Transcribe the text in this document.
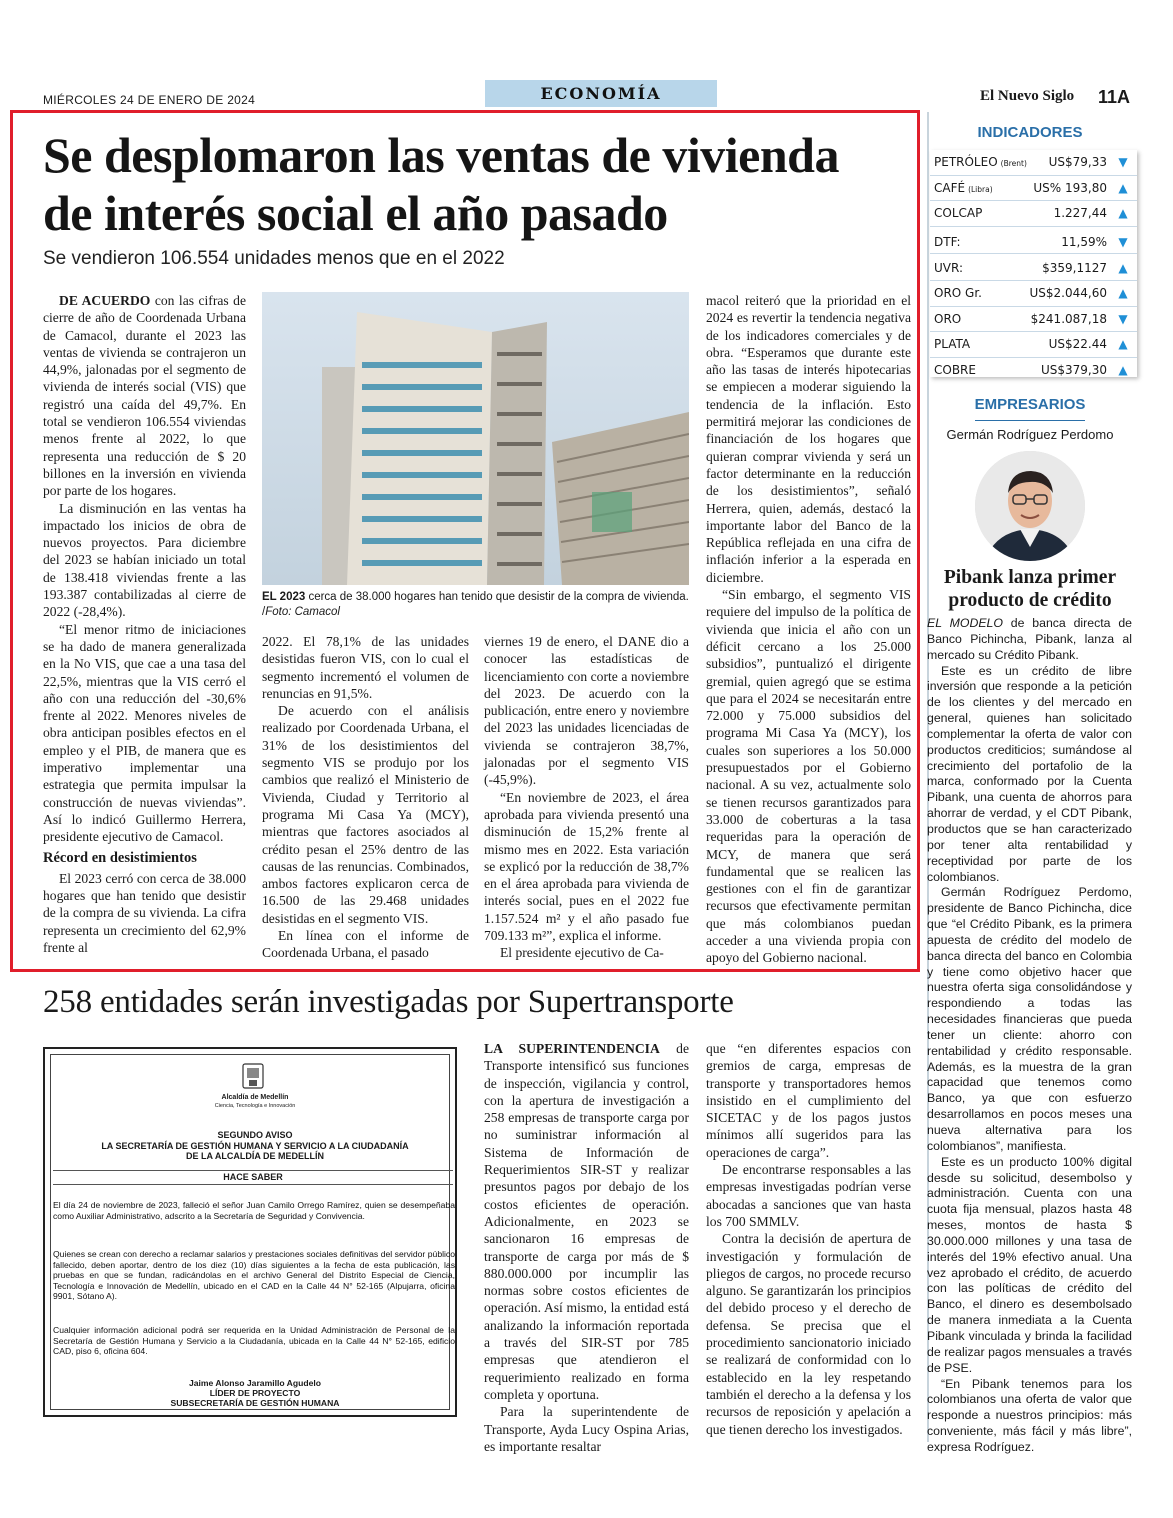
MIÉRCOLES 24 DE ENERO DE 2024	ECONOMÍA	El Nuevo Siglo 11A
Se desplomaron las ventas de vivienda
de interés social el año pasado
Se vendieron 106.554 unidades menos que en el 2022

DE ACUERDO con las cifras de cierre de año de Coordenada Urbana de Camacol, durante el 2023 las ventas de vivienda se contrajeron un 44,9%, jalonadas por el segmento de vivienda de interés social (VIS) que registró una caída del 49,7%. En total se vendieron 106.554 viviendas menos frente al 2022, lo que representa una reducción de $ 20 billones en la inversión en vivienda por parte de los hogares.

La disminución en las ventas ha impactado los inicios de obra de nuevos proyectos. Para diciembre del 2023 se habían iniciado un total de 138.418 viviendas frente a las 193.387 contabilizadas al cierre de 2022 (-28,4%).

“El menor ritmo de iniciaciones se ha dado de manera generalizada en la No VIS, que cae a una tasa del 22,5%, mientras que la VIS cerró el año con una reducción del -30,6% frente al 2022. Menores niveles de obra anticipan posibles efectos en el empleo y el PIB, de manera que es imperativo implementar una estrategia que permita impulsar la construcción de nuevas viviendas”. Así lo indicó Guillermo Herrera, presidente ejecutivo de Camacol.

Récord en desistimientos

El 2023 cerró con cerca de 38.000 hogares que han tenido que desistir de la compra de su vivienda. La cifra representa un crecimiento del 62,9% frente al

EL 2023 cerca de 38.000 hogares han tenido que desistir de la compra de vivienda. /Foto: Camacol

2022. El 78,1% de las unidades desistidas fueron VIS, con lo cual el segmento incrementó el volumen de renuncias en 91,5%.

De acuerdo con el análisis realizado por Coordenada Urbana, el 31% de los desistimientos del segmento VIS se produjo por los cambios que realizó el Ministerio de Vivienda, Ciudad y Territorio al programa Mi Casa Ya (MCY), mientras que factores asociados al crédito pesan el 25% dentro de las causas de las renuncias. Combinados, ambos factores explicaron cerca de 16.500 de las 29.468 unidades desistidas en el segmento VIS.

En línea con el informe de Coordenada Urbana, el pasado

viernes 19 de enero, el DANE dio a conocer las estadísticas de licenciamiento con corte a noviembre del 2023. De acuerdo con la publicación, entre enero y noviembre del 2023 las unidades licenciadas de vivienda se contrajeron 38,7%, jalonadas por el segmento VIS (-45,9%).

“En noviembre de 2023, el área aprobada para vivienda presentó una disminución de 15,2% frente al mismo mes en 2022. Esta variación se explicó por la reducción de 38,7% en el área aprobada para vivienda de interés social, pues en el 2022 fue 1.157.524 m² y el año pasado fue 709.133 m²”, explica el informe.

El presidente ejecutivo de Ca-

macol reiteró que la prioridad en el 2024 es revertir la tendencia negativa de los indicadores comerciales y de obra. “Esperamos que durante este año las tasas de interés hipotecarias se empiecen a moderar siguiendo la tendencia de la inflación. Esto permitirá mejorar las condiciones de financiación de los hogares que quieran comprar vivienda y será un factor determinante en la reducción de los desistimientos”, señaló Herrera, quien, además, destacó la importante labor del Banco de la República reflejada en una cifra de inflación inferior a la esperada en diciembre.

“Sin embargo, el segmento VIS requiere del impulso de la política de vivienda que inicia el año con un déficit cercano a los 25.000 subsidios”, puntualizó el dirigente gremial, quien agregó que se estima que para el 2024 se necesitarán entre 72.000 y 75.000 subsidios del programa Mi Casa Ya (MCY), los cuales son superiores a los 50.000 presupuestados por el Gobierno nacional. A su vez, actualmente solo se tienen recursos garantizados para 33.000 de coberturas a la tasa requeridas para la operación de MCY, de manera que será fundamental que se realicen las gestiones con el fin de garantizar recursos que efectivamente permitan que más colombianos puedan acceder a una vivienda propia con apoyo del Gobierno nacional.

INDICADORES
PETRÓLEO (Brent) US$79,33 ▼
CAFÉ (Libra)	US% 193,80 ▲
COLCAP	1.227,44 ▲
DTF:	11,59% ▼
UVR:	$359,1127 ▲
ORO Gr.	US$2.044,60 ▲
ORO	$241.087,18 ▼
PLATA	US$22.44 ▲
COBRE	US$379,30 ▲
EMPRESARIOS
Germán Rodríguez Perdomo
Pibank lanza primer producto de crédito

EL MODELO de banca directa de Banco Pichincha, Pibank, lanza al mercado su Crédito Pibank.

Este es un crédito de libre inversión que responde a la petición de los clientes y del mercado en general, quienes han solicitado complementar la oferta de valor con productos crediticios; sumándose al crecimiento del portafolio de la marca, conformado por la Cuenta Pibank, una cuenta de ahorros para ahorrar de verdad, y el CDT Pibank, productos que se han caracterizado por tener alta rentabilidad y receptividad por parte de los colombianos.

Germán Rodríguez Perdomo, presidente de Banco Pichincha, dice que “el Crédito Pibank, es la primera apuesta de crédito del modelo de banca directa del banco en Colombia y tiene como objetivo hacer que nuestra oferta siga consolidándose y respondiendo a todas las necesidades financieras que pueda tener un cliente: ahorro con rentabilidad y crédito responsable. Además, es la muestra de la gran capacidad que tenemos como Banco, ya que con esfuerzo desarrollamos en pocos meses una nueva alternativa para los colombianos”, manifiesta.

Este es un producto 100% digital desde su solicitud, desembolso y administración. Cuenta con una cuota fija mensual, plazos hasta 48 meses, montos de hasta $ 30.000.000 millones y una tasa de interés del 19% efectivo anual. Una vez aprobado el crédito, de acuerdo con las políticas de crédito del Banco, el dinero es desembolsado de manera inmediata a la Cuenta Pibank vinculada y brinda la facilidad de realizar pagos mensuales a través de PSE.

“En Pibank tenemos para los colombianos una oferta de valor que responde a nuestros principios: más conveniente, más fácil y más libre”, expresa Rodríguez.

258 entidades serán investigadas por Supertransporte

LA SUPERINTENDENCIA de Transporte intensificó sus funciones de inspección, vigilancia y control, con la apertura de investigación a 258 empresas de transporte carga por no suministrar información al Sistema de Información de Requerimientos SIR-ST y realizar presuntos pagos por debajo de los costos eficientes de operación. Adicionalmente, en 2023 se sancionaron 16 empresas de transporte de carga por más de $ 880.000.000 por incumplir las normas sobre costos eficientes de operación. Así mismo, la entidad está analizando la información reportada a través del SIR-ST por 785 empresas que atendieron el requerimiento realizado en forma completa y oportuna.

Para la superintendente de Transporte, Ayda Lucy Ospina Arias, es importante resaltar

que “en diferentes espacios con gremios de carga, empresas de transporte y transportadores hemos insistido en el cumplimiento del SICETAC y de los pagos justos mínimos allí sugeridos para las operaciones de carga”.

De encontrarse responsables a las empresas investigadas podrían verse abocadas a sanciones que van hasta los 700 SMMLV.

Contra la decisión de apertura de investigación y formulación de pliegos de cargos, no procede recurso alguno. Se garantizarán los principios del debido proceso y el derecho de defensa. Se precisa que el procedimiento sancionatorio iniciado se realizará de conformidad con lo establecido en la ley respetando también el derecho a la defensa y los recursos de reposición y apelación a que tienen derecho los investigados.

Alcaldía de Medellín
Ciencia, Tecnología e Innovación
SEGUNDO AVISO
LA SECRETARÍA DE GESTIÓN HUMANA Y SERVICIO A LA CIUDADANÍA
DE LA ALCALDÍA DE MEDELLÍN
HACE SABER
El día 24 de noviembre de 2023, falleció el señor Juan Camilo Orrego Ramírez, quien se desempeñaba como Auxiliar Administrativo, adscrito a la Secretaría de Seguridad y Convivencia.
Quienes se crean con derecho a reclamar salarios y prestaciones sociales definitivas del servidor público fallecido, deben aportar, dentro de los diez (10) días siguientes a la fecha de esta publicación, las pruebas en que se fundan, radicándolas en el archivo General del Distrito Especial de Ciencia, Tecnología e Innovación de Medellín, ubicado en el CAD en la Calle 44 N° 52-165 (Alpujarra, oficina 9901, Sótano A).
Cualquier información adicional podrá ser requerida en la Unidad Administración de Personal de la Secretaría de Gestión Humana y Servicio a la Ciudadanía, ubicada en la Calle 44 N° 52-165, edificio CAD, piso 6, oficina 604.
Jaime Alonso Jaramillo Agudelo
LÍDER DE PROYECTO
SUBSECRETARÍA DE GESTIÓN HUMANA
